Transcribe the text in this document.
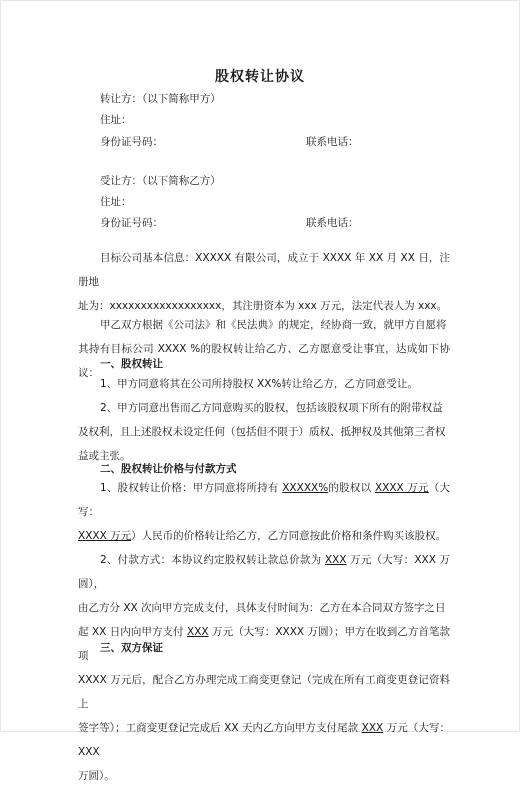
股权转让协议
转让方：（以下简称甲方）
住址：
身份证号码：	联系电话：
受让方：（以下简称乙方）
住址：
身份证号码：	联系电话：

目标公司基本信息：XXXXX 有限公司，成立于 XXXX 年 XX 月 XX 日，注册地

址为：xxxxxxxxxxxxxxxxxx，其注册资本为 xxx 万元，法定代表人为 xxx。

甲乙双方根据《公司法》和《民法典》的规定，经协商一致，就甲方自愿将

其持有目标公司 XXXX %的股权转让给乙方、乙方愿意受让事宜，达成如下协议：
一、股权转让

1、甲方同意将其在公司所持股权 XX%转让给乙方，乙方同意受让。

2、甲方同意出售而乙方同意购买的股权，包括该股权项下所有的附带权益

及权利，且上述股权未设定任何（包括但不限于）质权、抵押权及其他第三者权
益或主张。
二、股权转让价格与付款方式

1、股权转让价格：甲方同意将所持有 XXXXX%的股权以 XXXX 万元（大写：

XXXX 万元）人民币的价格转让给乙方，乙方同意按此价格和条件购买该股权。

2、付款方式：本协议约定股权转让款总价款为 XXX 万元（大写：XXX 万圆），

由乙方分 XX 次向甲方完成支付，具体支付时间为：乙方在本合同双方签字之日
起 XX 日内向甲方支付 XXX 万元（大写：XXXX 万圆）；甲方在收到乙方首笔款项
XXXX 万元后，配合乙方办理完成工商变更登记（完成在所有工商变更登记资料上
签字等）；工商变更登记完成后 XX 天内乙方向甲方支付尾款 XXX 万元（大写：XXX
万圆）。
三、双方保证
